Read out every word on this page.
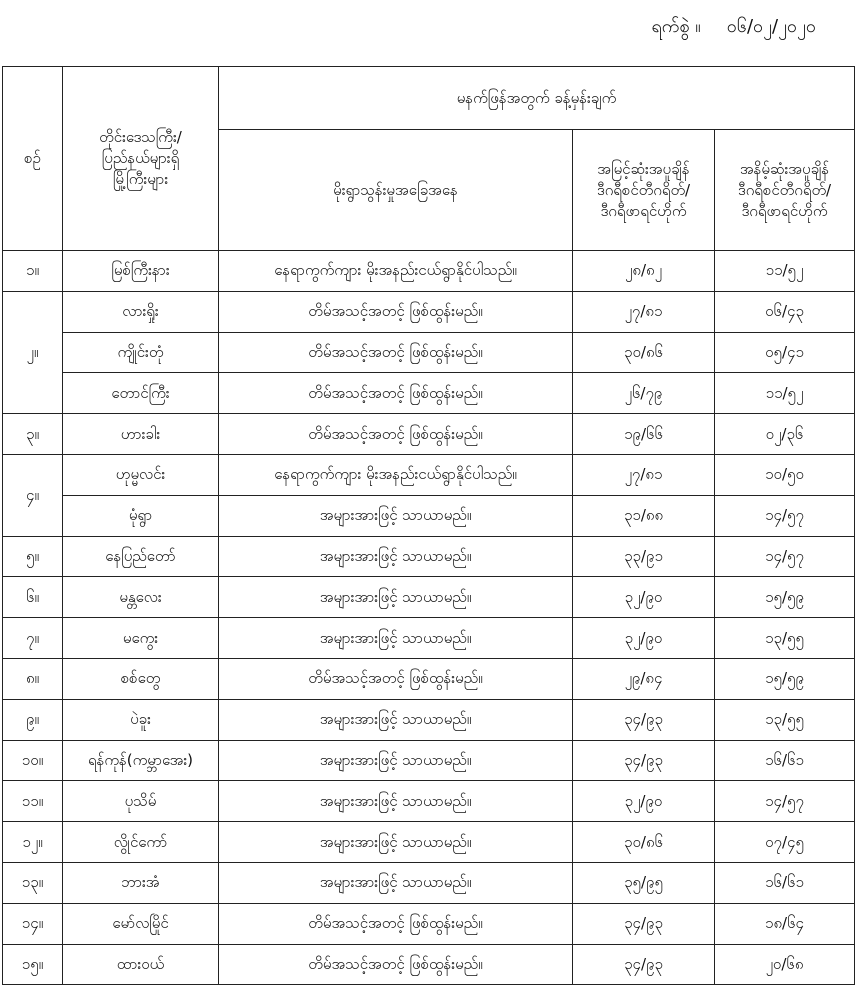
ရက်စွဲ ။ ၀၆/၀၂/၂၀၂၀
စဉ်	တိုင်းဒေသကြီး/
ပြည်နယ်များရှိ
မြို့ကြီးများ	မနက်ဖြန်အတွက် ခန့်မှန်းချက်		
		မိုးရွာသွန်းမှုအခြေအနေ	အမြင့်ဆုံးအပူချိန်
ဒီဂရီစင်တီဂရိတ်/
ဒီဂရီဖာရင်ဟိုက်	အနိမ့်ဆုံးအပူချိန်
ဒီဂရီစင်တီဂရိတ်/
ဒီဂရီဖာရင်ဟိုက်

၁။	မြစ်ကြီးနား	နေရာကွက်ကျား မိုးအနည်းငယ်ရွာနိုင်ပါသည်။	၂၈/၈၂	၁၁/၅၂
၂။	လားရှိုး	တိမ်အသင့်အတင့် ဖြစ်ထွန်းမည်။	၂၇/၈၁	၀၆/၄၃
	ကျိုင်းတုံ	တိမ်အသင့်အတင့် ဖြစ်ထွန်းမည်။	၃၀/၈၆	၀၅/၄၁
	တောင်ကြီး	တိမ်အသင့်အတင့် ဖြစ်ထွန်းမည်။	၂၆/၇၉	၁၁/၅၂
၃။	ဟားခါး	တိမ်အသင့်အတင့် ဖြစ်ထွန်းမည်။	၁၉/၆၆	၀၂/၃၆
၄။	ဟုမ္မလင်း	နေရာကွက်ကျား မိုးအနည်းငယ်ရွာနိုင်ပါသည်။	၂၇/၈၁	၁၀/၅၀
	မုံရွာ	အများအားဖြင့် သာယာမည်။	၃၁/၈၈	၁၄/၅၇
၅။	နေပြည်တော်	အများအားဖြင့် သာယာမည်။	၃၃/၉၁	၁၄/၅၇
၆။	မန္တလေး	အများအားဖြင့် သာယာမည်။	၃၂/၉၀	၁၅/၅၉
၇။	မကွေး	အများအားဖြင့် သာယာမည်။	၃၂/၉၀	၁၃/၅၅
၈။	စစ်တွေ	တိမ်အသင့်အတင့် ဖြစ်ထွန်းမည်။	၂၉/၈၄	၁၅/၅၉
၉။	ပဲခူး	အများအားဖြင့် သာယာမည်။	၃၄/၉၃	၁၃/၅၅
၁၀။	ရန်ကုန်(ကမ္ဘာအေး)	အများအားဖြင့် သာယာမည်။	၃၄/၉၃	၁၆/၆၁
၁၁။	ပုသိမ်	အများအားဖြင့် သာယာမည်။	၃၂/၉၀	၁၄/၅၇
၁၂။	လွိုင်ကော်	အများအားဖြင့် သာယာမည်။	၃၀/၈၆	၀၇/၄၅
၁၃။	ဘားအံ	အများအားဖြင့် သာယာမည်။	၃၅/၉၅	၁၆/၆၁
၁၄။	မော်လမြိုင်	တိမ်အသင့်အတင့် ဖြစ်ထွန်းမည်။	၃၄/၉၃	၁၈/၆၄
၁၅။	ထားဝယ်	တိမ်အသင့်အတင့် ဖြစ်ထွန်းမည်။	၃၄/၉၃	၂၀/၆၈
